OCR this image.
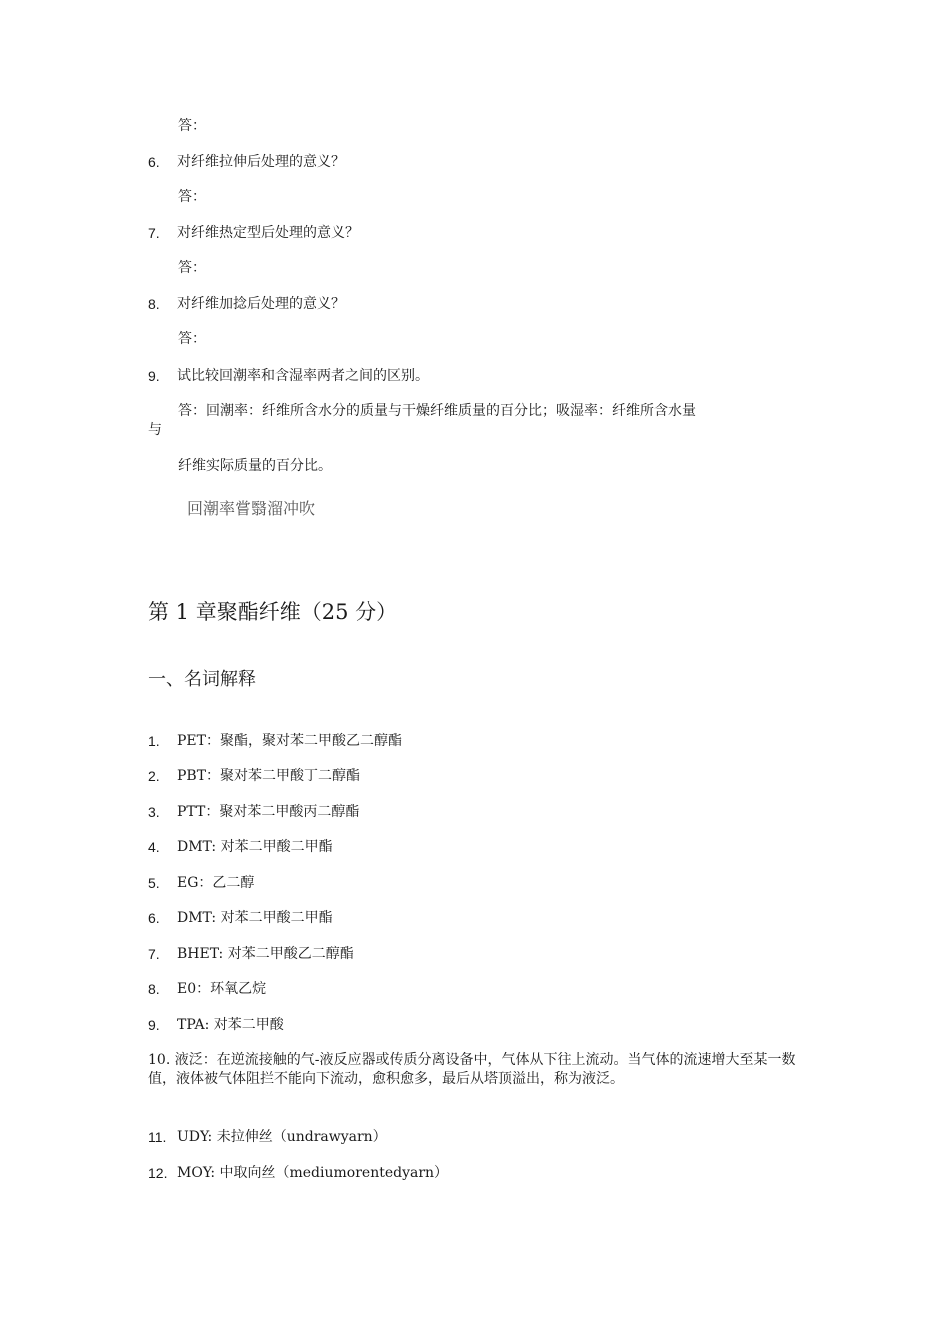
答：
6.	对纤维拉伸后处理的意义？
答：
7.	对纤维热定型后处理的意义？
答：
8.	对纤维加捻后处理的意义？
答：
9.	试比较回潮率和含湿率两者之间的区别。
答：回潮率：纤维所含水分的质量与干燥纤维质量的百分比；吸湿率：纤维所含水量
与
纤维实际质量的百分比。
回潮率嘗翳溜冲吹
第 1 章聚酯纤维（25 分）
一、名词解释
1.	PET：聚酯，聚对苯二甲酸乙二醇酯
2.	PBT：聚对苯二甲酸丁二醇酯
3.	PTT：聚对苯二甲酸丙二醇酯
4.	DMT: 对苯二甲酸二甲酯
5.	EG：乙二醇
6.	DMT: 对苯二甲酸二甲酯
7.	BHET: 对苯二甲酸乙二醇酯
8.	E0：环氧乙烷
9.	TPA: 对苯二甲酸
10. 液泛：在逆流接触的气-液反应器或传质分离设备中，气体从下往上流动。当气体的流速增大至某一数值，液体被气体阻拦不能向下流动，愈积愈多，最后从塔顶溢出，称为液泛。
11. UDY: 未拉伸丝（undrawyarn）
12. MOY: 中取向丝（mediumorentedyarn）
